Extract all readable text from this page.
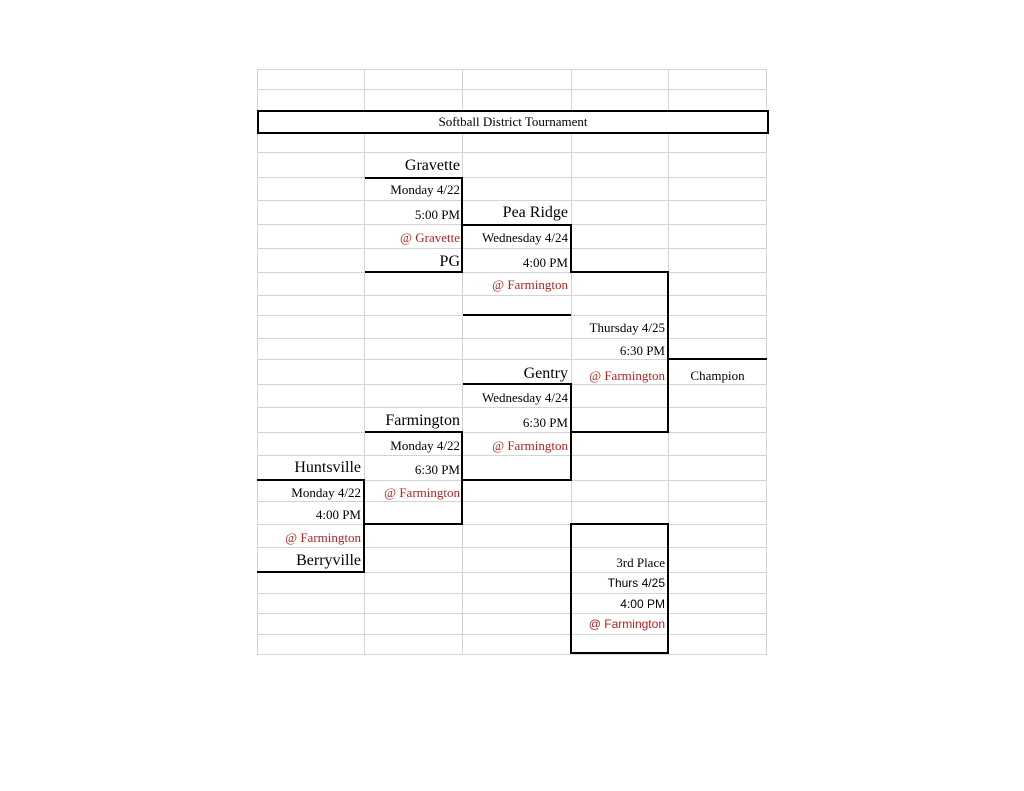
Softball District Tournament
Gravette
Monday 4/22
5:00 PM
@ Gravette
PG
Pea Ridge
Wednesday 4/24
4:00 PM
@ Farmington
Thursday 4/25
6:30 PM
@ Farmington	Champion
Gentry
Wednesday 4/24
6:30 PM
@ Farmington
Farmington
Monday 4/22
6:30 PM
@ Farmington
Huntsville
Monday 4/22
4:00 PM
@ Farmington
Berryville	3rd Place
Thurs 4/25
4:00 PM
@ Farmington
